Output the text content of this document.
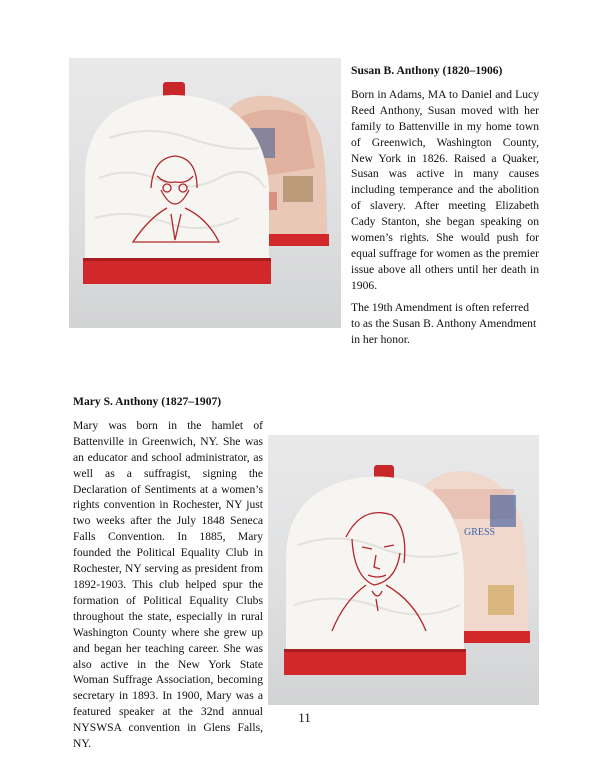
Susan B. Anthony (1820–1906)

Born in Adams, MA to Daniel and Lucy Reed Anthony, Susan moved with her family to Battenville in my home town of Greenwich, Washington County, New York in 1826. Raised a Quaker, Susan was active in many causes including temperance and the abolition of slavery. After meeting Elizabeth Cady Stanton, she began speaking on women’s rights. She would push for equal suffrage for women as the premier issue above all others until her death in 1906.

The 19th Amendment is often referred to as the Susan B. Anthony Amendment in her honor.

Mary S. Anthony (1827–1907)

Mary was born in the hamlet of Battenville in Greenwich, NY. She was an educator and school administrator, as well as a suffragist, signing the Declaration of Sentiments at a women’s rights convention in Rochester, NY just two weeks after the July 1848 Seneca Falls Convention. In 1885, Mary founded the Political Equality Club in Rochester, NY serving as president from 1892-1903. This club helped spur the formation of Political Equality Clubs throughout the state, especially in rural Washington County where she grew up and began her teaching career. She was also active in the New York State Woman Suffrage Association, becoming secretary in 1893. In 1900, Mary was a featured speaker at the 32nd annual NYSWSA convention in Glens Falls, NY.

GRESS
11
